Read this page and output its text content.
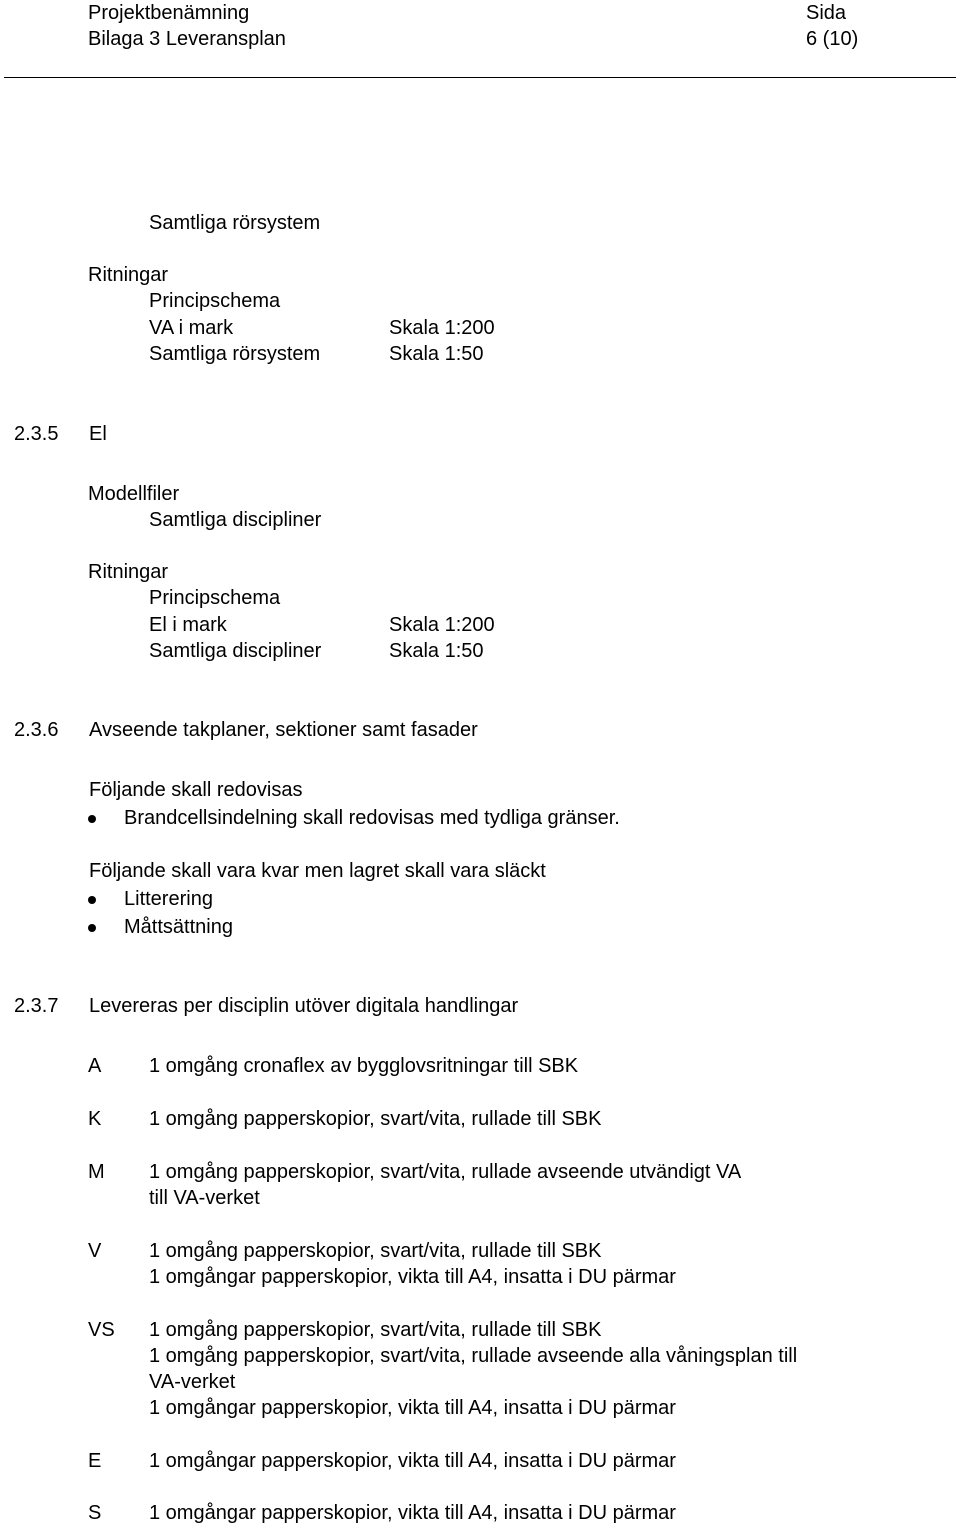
Projektbenämning
Bilaga 3 Leveransplan
Sida
6 (10)
Samtliga rörsystem
Ritningar
Principschema
VA i mark	Skala 1:200
Samtliga rörsystem	Skala 1:50
2.3.5 El
Modellfiler
Samtliga discipliner
Ritningar
Principschema
El i mark	Skala 1:200
Samtliga discipliner	Skala 1:50
2.3.6 Avseende takplaner, sektioner samt fasader
Följande skall redovisas
Brandcellsindelning skall redovisas med tydliga gränser.
Följande skall vara kvar men lagret skall vara släckt
Litterering
Måttsättning
2.3.7 Levereras per disciplin utöver digitala handlingar
A 1 omgång cronaflex av bygglovsritningar till SBK
K 1 omgång papperskopior, svart/vita, rullade till SBK
M 1 omgång papperskopior, svart/vita, rullade avseende utvändigt VA
till VA-verket
V 1 omgång papperskopior, svart/vita, rullade till SBK
1 omgångar papperskopior, vikta till A4, insatta i DU pärmar
VS 1 omgång papperskopior, svart/vita, rullade till SBK
1 omgång papperskopior, svart/vita, rullade avseende alla våningsplan till
VA-verket
1 omgångar papperskopior, vikta till A4, insatta i DU pärmar
E 1 omgångar papperskopior, vikta till A4, insatta i DU pärmar
S 1 omgångar papperskopior, vikta till A4, insatta i DU pärmar
